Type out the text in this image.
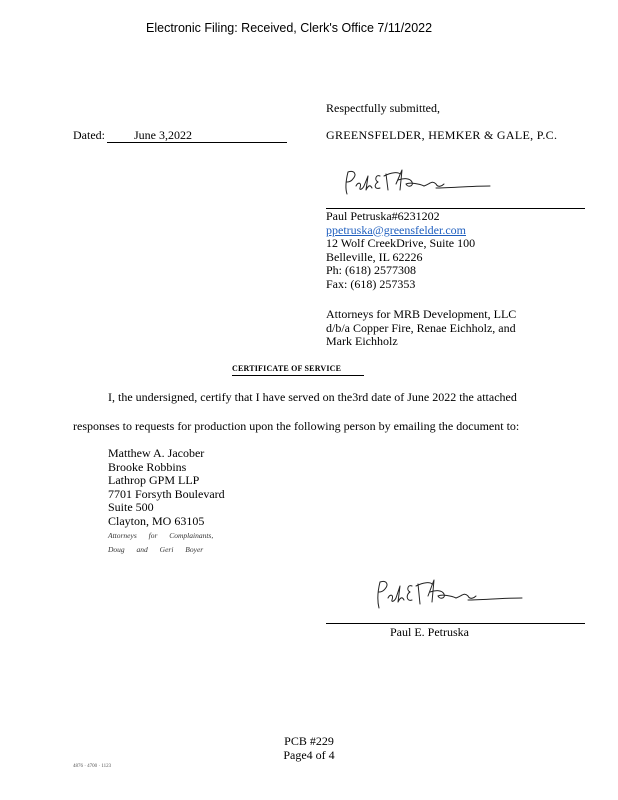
Electronic Filing: Received, Clerk's Office 7/11/2022
Respectfully submitted,
Dated: June 3,2022	GREENSFELDER, HEMKER & GALE, P.C.
Paul Petruska#6231202
ppetruska@greensfelder.com
12 Wolf CreekDrive, Suite 100
Belleville, IL 62226
Ph: (618) 2577308
Fax: (618) 257353
Attorneys for MRB Development, LLC
d/b/a Copper Fire, Renae Eichholz, and
Mark Eichholz
CERTIFICATE OF SERVICE
I, the undersigned, certify that I have served on the3rd date of June 2022 the attached
responses to requests for production upon the following person by emailing the document to:
Matthew A. Jacober
Brooke Robbins
Lathrop GPM LLP
7701 Forsyth Boulevard
Suite 500
Clayton, MO 63105
Attorneys for Complainants,
Doug and Geri Boyer
Paul E. Petruska
PCB #229
Page4 of 4
4876 · 4700 · 1123
